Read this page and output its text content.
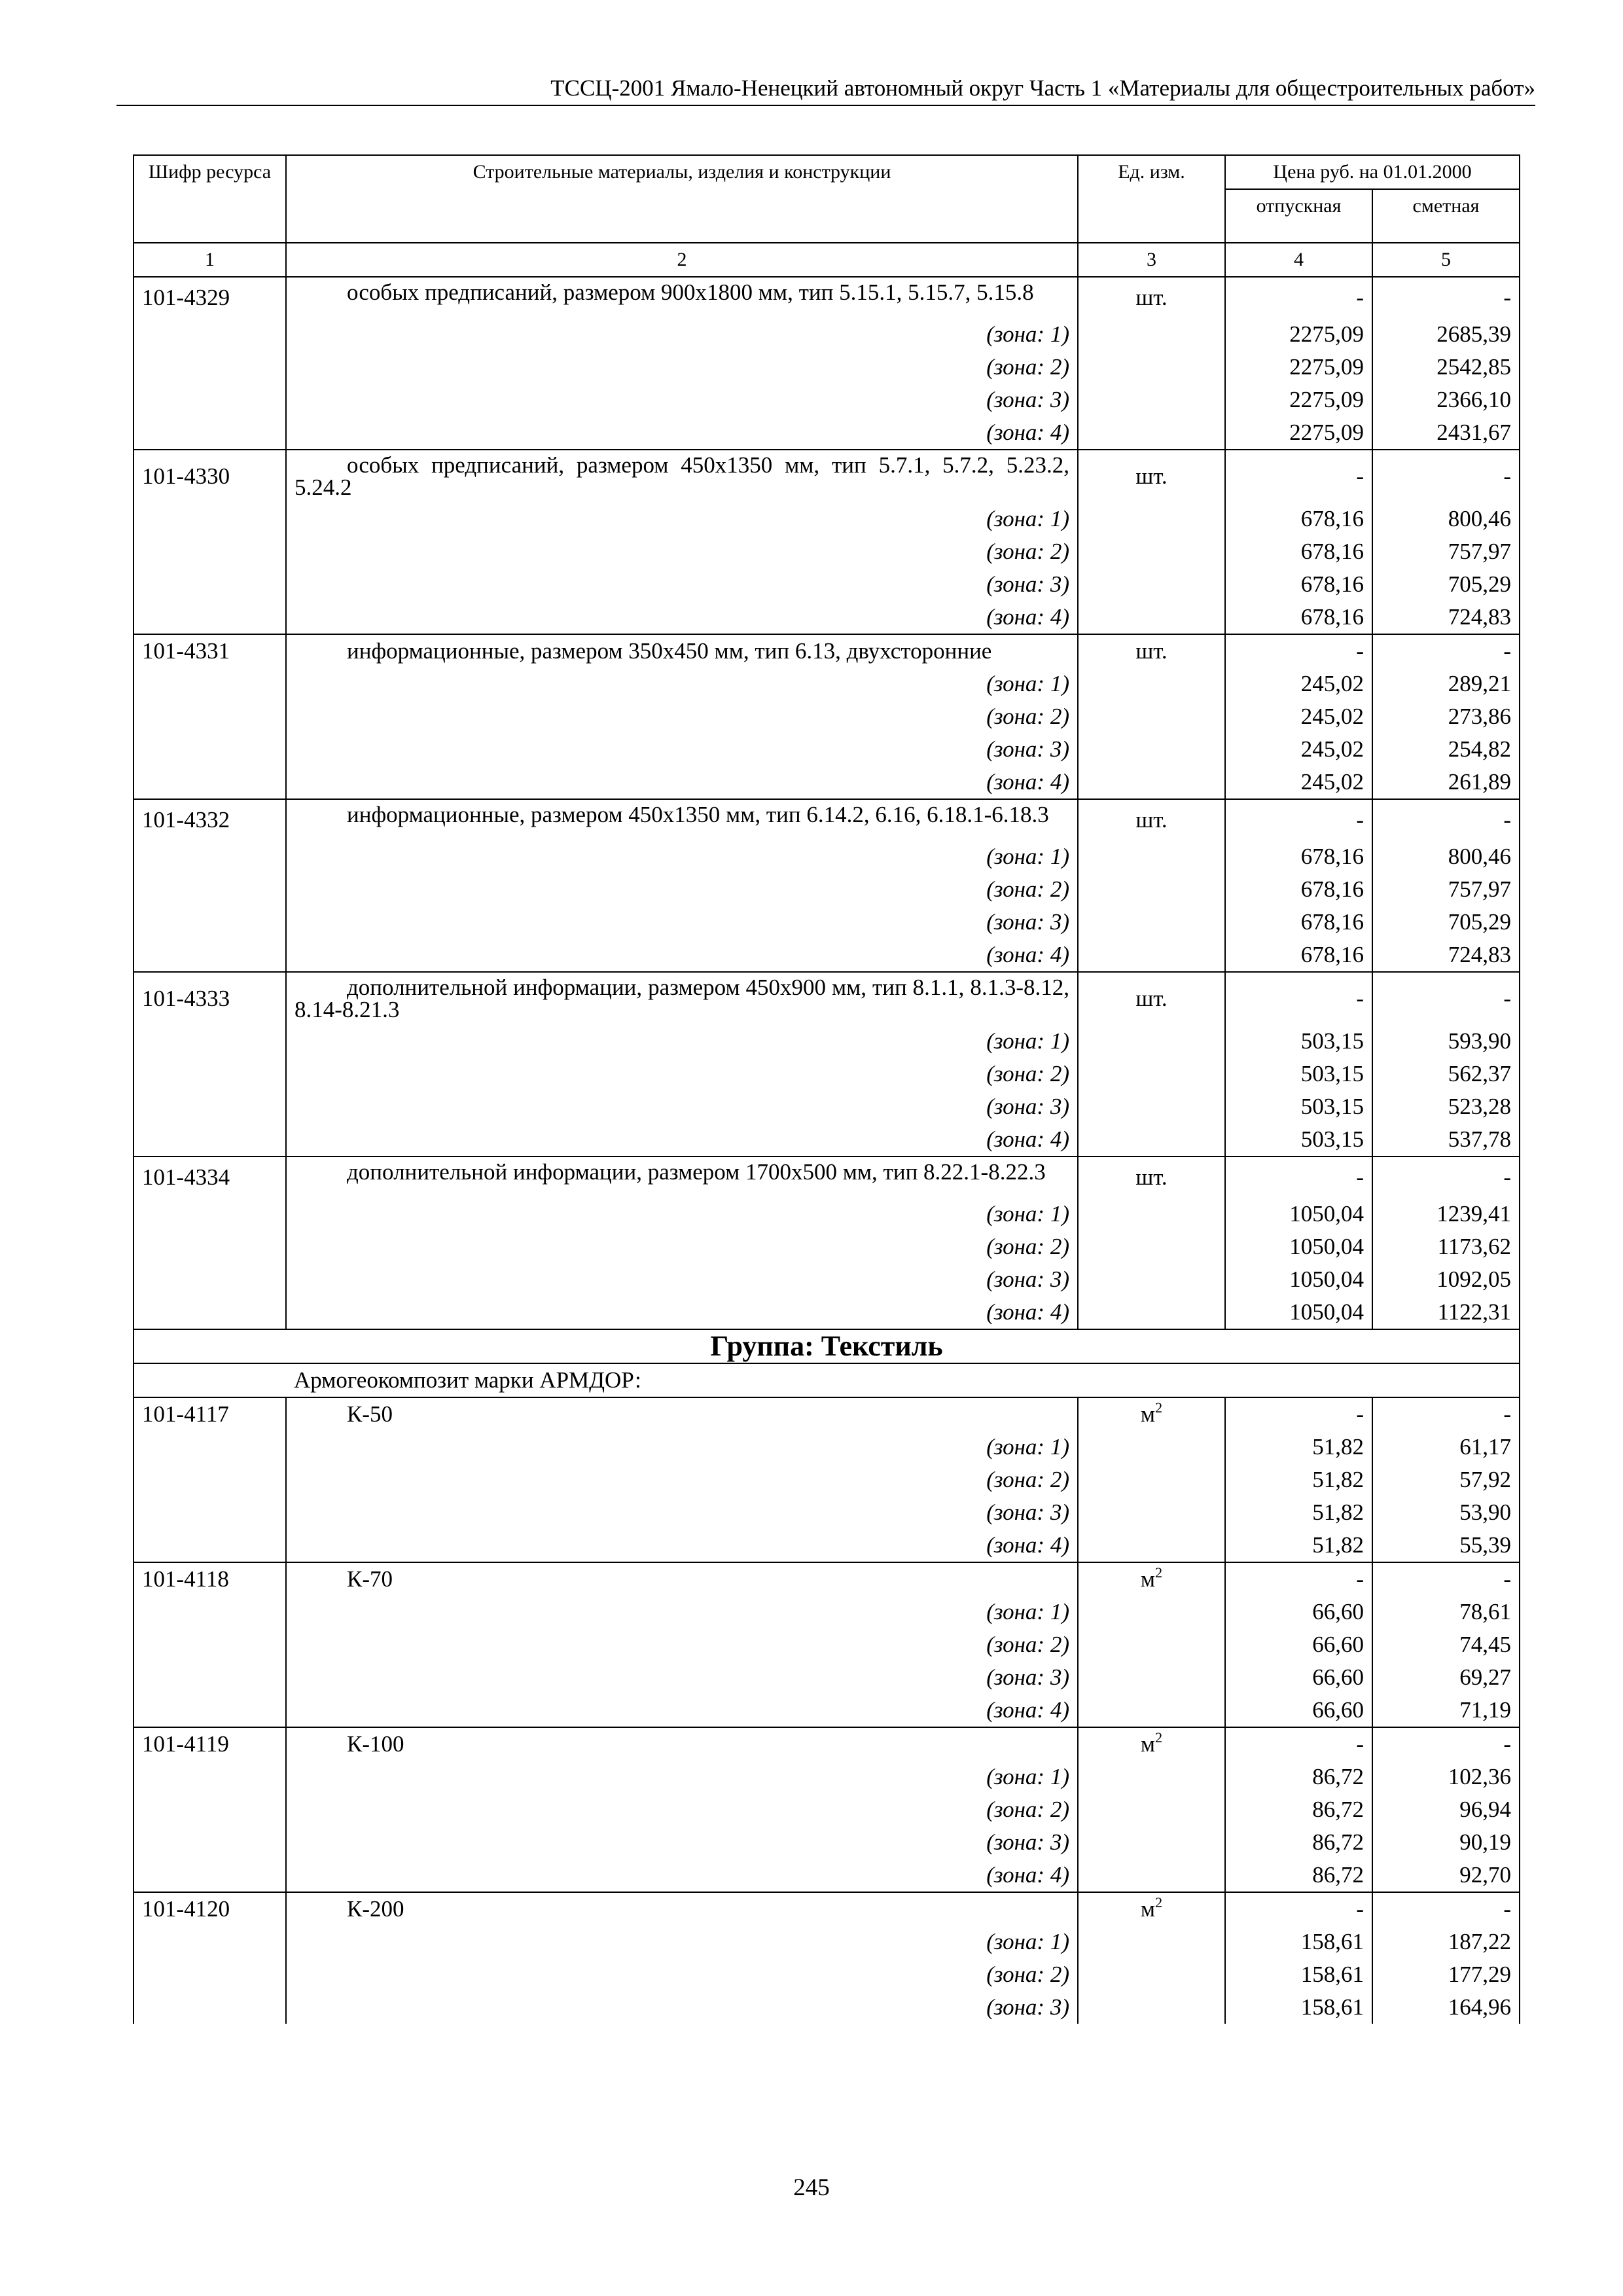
ТССЦ-2001 Ямало-Ненецкий автономный округ Часть 1 «Материалы для общестроительных работ»
Шифр ресурса	Строительные материалы, изделия и конструкции	Ед. изм.	Цена руб. на 01.01.2000	
			отпускная	сметная
1	2	3	4	5
101-4329	особых предписаний, размером 900х1800 мм, тип 5.15.1, 5.15.7, 5.15.8	шт.	-	-
	(зона: 1)		2275,09	2685,39
	(зона: 2)		2275,09	2542,85
	(зона: 3)		2275,09	2366,10
	(зона: 4)		2275,09	2431,67
101-4330	особых предписаний, размером 450х1350 мм, тип 5.7.1, 5.7.2, 5.23.2, 5.24.2	шт.	-	-
	(зона: 1)		678,16	800,46
	(зона: 2)		678,16	757,97
	(зона: 3)		678,16	705,29
	(зона: 4)		678,16	724,83
101-4331	информационные, размером 350х450 мм, тип 6.13, двухсторонние	шт.	-	-
	(зона: 1)		245,02	289,21
	(зона: 2)		245,02	273,86
	(зона: 3)		245,02	254,82
	(зона: 4)		245,02	261,89
101-4332	информационные, размером 450х1350 мм, тип 6.14.2, 6.16, 6.18.1-6.18.3	шт.	-	-
	(зона: 1)		678,16	800,46
	(зона: 2)		678,16	757,97
	(зона: 3)		678,16	705,29
	(зона: 4)		678,16	724,83
101-4333	дополнительной информации, размером 450х900 мм, тип 8.1.1, 8.1.3-8.12, 8.14-8.21.3	шт.	-	-
	(зона: 1)		503,15	593,90
	(зона: 2)		503,15	562,37
	(зона: 3)		503,15	523,28
	(зона: 4)		503,15	537,78
101-4334	дополнительной информации, размером 1700х500 мм, тип 8.22.1-8.22.3	шт.	-	-
	(зона: 1)		1050,04	1239,41
	(зона: 2)		1050,04	1173,62
	(зона: 3)		1050,04	1092,05
	(зона: 4)		1050,04	1122,31
Группа: Текстиль				
	Армогеокомпозит марки АРМДОР:			
101-4117	К-50	$м^2$	-	-
	(зона: 1)		51,82	61,17
	(зона: 2)		51,82	57,92
	(зона: 3)		51,82	53,90
	(зона: 4)		51,82	55,39
101-4118	К-70	$м^2$	-	-
	(зона: 1)		66,60	78,61
	(зона: 2)		66,60	74,45
	(зона: 3)		66,60	69,27
	(зона: 4)		66,60	71,19
101-4119	К-100	$м^2$	-	-
	(зона: 1)		86,72	102,36
	(зона: 2)		86,72	96,94
	(зона: 3)		86,72	90,19
	(зона: 4)		86,72	92,70
101-4120	К-200	$м^2$	-	-
	(зона: 1)		158,61	187,22
	(зона: 2)		158,61	177,29
	(зона: 3)		158,61	164,96
245
